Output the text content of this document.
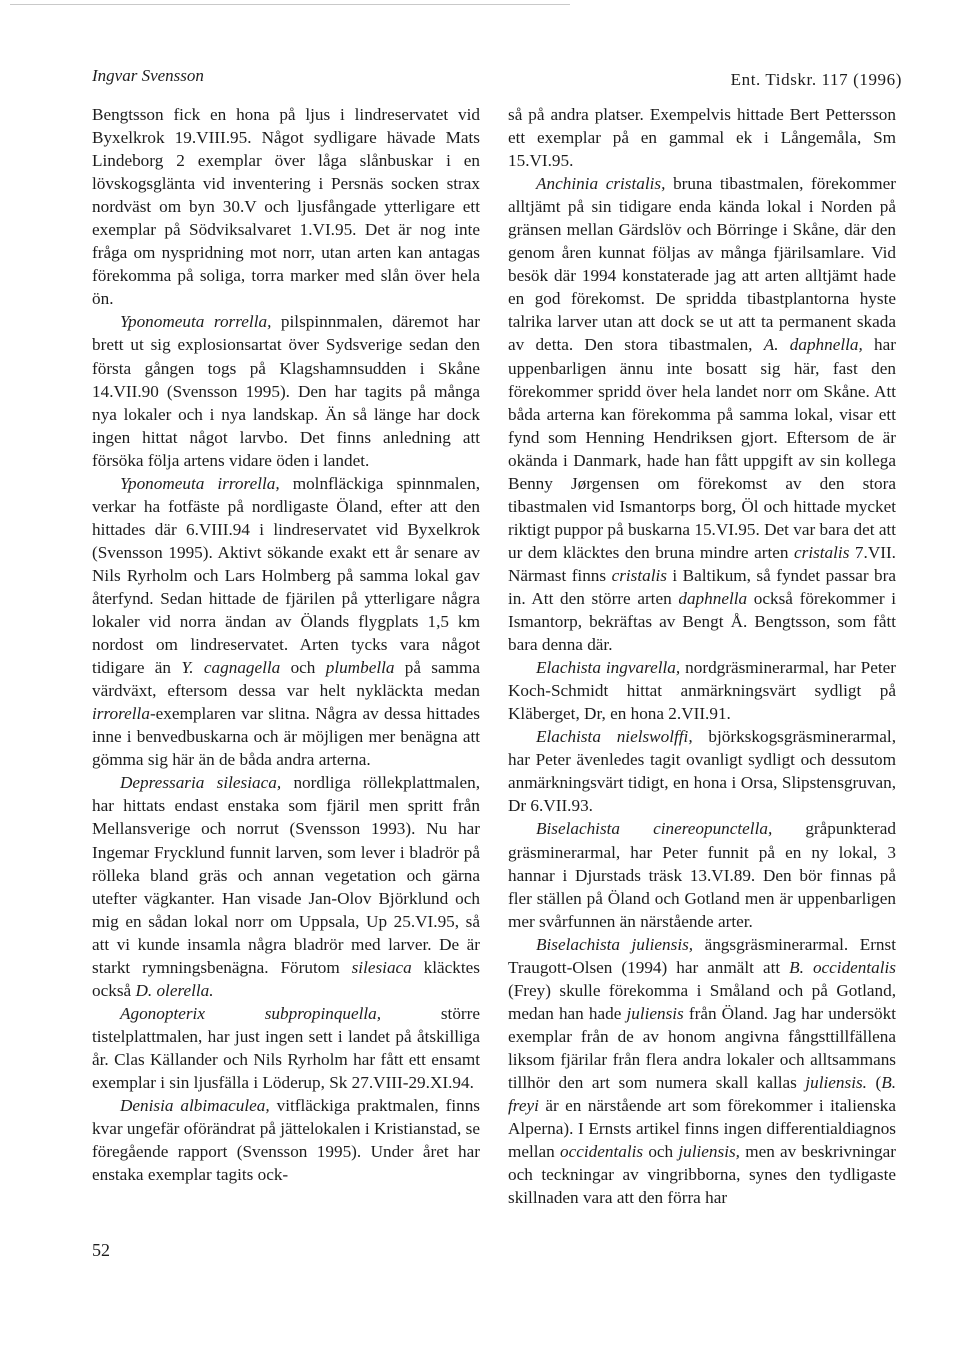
Ingvar Svensson	Ent. Tidskr. 117 (1996)

Bengtsson fick en hona på ljus i lindreservatet vid Byxelkrok 19.VIII.95. Något sydligare hävade Mats Lindeborg 2 exemplar över låga slånbuskar i en lövskogsglänta vid inventering i Persnäs socken strax nordväst om byn 30.V och ljusfångade ytterligare ett exemplar på Södviksalvaret 1.VI.95. Det är nog inte fråga om nyspridning mot norr, utan arten kan antagas förekomma på soliga, torra marker med slån över hela ön.

Yponomeuta rorrella, pilspinnmalen, däremot har brett ut sig explosionsartat över Sydsverige sedan den första gången togs på Klagshamnsudden i Skåne 14.VII.90 (Svensson 1995). Den har tagits på många nya lokaler och i nya landskap. Än så länge har dock ingen hittat något larvbo. Det finns anledning att försöka följa artens vidare öden i landet.

Yponomeuta irrorella, molnfläckiga spinnmalen, verkar ha fotfäste på nordligaste Öland, efter att den hittades där 6.VIII.94 i lindreservatet vid Byxelkrok (Svensson 1995). Aktivt sökande exakt ett år senare av Nils Ryrholm och Lars Holmberg på samma lokal gav återfynd. Sedan hittade de fjärilen på ytterligare några lokaler vid norra ändan av Ölands flygplats 1,5 km nordost om lindreservatet. Arten tycks vara något tidigare än Y. cagnagella och plumbella på samma värdväxt, eftersom dessa var helt nykläckta medan irrorella-exemplaren var slitna. Några av dessa hittades inne i benvedbuskarna och är möjligen mer benägna att gömma sig här än de båda andra arterna.

Depressaria silesiaca, nordliga röllekplattmalen, har hittats endast enstaka som fjäril men spritt från Mellansverige och norrut (Svensson 1993). Nu har Ingemar Frycklund funnit larven, som lever i bladrör på rölleka bland gräs och annan vegetation och gärna utefter vägkanter. Han visade Jan-Olov Björklund och mig en sådan lokal norr om Uppsala, Up 25.VI.95, så att vi kunde insamla några bladrör med larver. De är starkt rymningsbenägna. Förutom silesiaca kläcktes också D. olerella.

Agonopterix subpropinquella, större tistelplattmalen, har just ingen sett i landet på åtskilliga år. Clas Källander och Nils Ryrholm har fått ett ensamt exemplar i sin ljusfälla i Löderup, Sk 27.VIII-29.XI.94.

Denisia albimaculea, vitfläckiga praktmalen, finns kvar ungefär oförändrat på jättelokalen i Kristianstad, se föregående rapport (Svensson 1995). Under året har enstaka exemplar tagits ock-

så på andra platser. Exempelvis hittade Bert Pettersson ett exemplar på en gammal ek i Långemåla, Sm 15.VI.95.

Anchinia cristalis, bruna tibastmalen, förekommer alltjämt på sin tidigare enda kända lokal i Norden på gränsen mellan Gärdslöv och Börringe i Skåne, där den genom åren kunnat följas av många fjärilsamlare. Vid besök där 1994 konstaterade jag att arten alltjämt hade en god förekomst. De spridda tibastplantorna hyste talrika larver utan att dock se ut att ta permanent skada av detta. Den stora tibastmalen, A. daphnella, har uppenbarligen ännu inte bosatt sig här, fast den förekommer spridd över hela landet norr om Skåne. Att båda arterna kan förekomma på samma lokal, visar ett fynd som Henning Hendriksen gjort. Eftersom de är okända i Danmark, hade han fått uppgift av sin kollega Benny Jørgensen om förekomst av den stora tibastmalen vid Ismantorps borg, Öl och hittade mycket riktigt puppor på buskarna 15.VI.95. Det var bara det att ur dem kläcktes den bruna mindre arten cristalis 7.VII. Närmast finns cristalis i Baltikum, så fyndet passar bra in. Att den större arten daphnella också förekommer i Ismantorp, bekräftas av Bengt Å. Bengtsson, som fått bara denna där.

Elachista ingvarella, nordgräsminerarmal, har Peter Koch-Schmidt hittat anmärkningsvärt sydligt på Kläberget, Dr, en hona 2.VII.91.

Elachista nielswolffi, björkskogsgräsminerarmal, har Peter ävenledes tagit ovanligt sydligt och dessutom anmärkningsvärt tidigt, en hona i Orsa, Slipstensgruvan, Dr 6.VII.93.

Biselachista cinereopunctella, gråpunkterad gräsminerarmal, har Peter funnit på en ny lokal, 3 hannar i Djurstads träsk 13.VI.89. Den bör finnas på fler ställen på Öland och Gotland men är uppenbarligen mer svårfunnen än närstående arter.

Biselachista juliensis, ängsgräsminerarmal. Ernst Traugott-Olsen (1994) har anmält att B. occidentalis (Frey) skulle förekomma i Småland och på Gotland, medan han hade juliensis från Öland. Jag har undersökt exemplar från de av honom angivna fångsttillfällena liksom fjärilar från flera andra lokaler och alltsammans tillhör den art som numera skall kallas juliensis. (B. freyi är en närstående art som förekommer i italienska Alperna). I Ernsts artikel finns ingen differentialdiagnos mellan occidentalis och juliensis, men av beskrivningar och teckningar av vingribborna, synes den tydligaste skillnaden vara att den förra har

52
